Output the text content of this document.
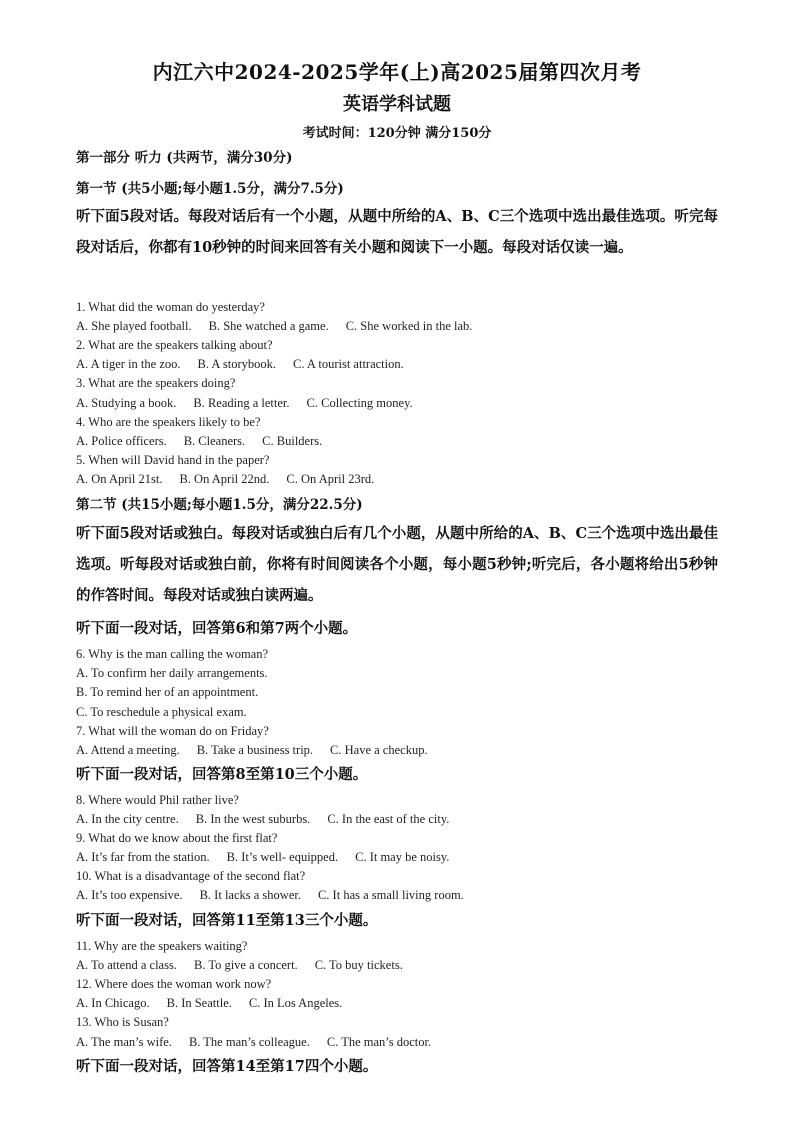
内江六中2024-2025学年(上)高2025届第四次月考
英语学科试题
考试时间：120分钟 满分150分
第一部分 听力 (共两节，满分30分)
第一节 (共5小题;每小题1.5分，满分7.5分)
听下面5段对话。每段对话后有一个小题，从题中所给的A、B、C三个选项中选出最佳选项。听完每段对话后，你都有10秒钟的时间来回答有关小题和阅读下一小题。每段对话仅读一遍。
1. What did the woman do yesterday?
A. She played football. B. She watched a game. C. She worked in the lab.
2. What are the speakers talking about?
A. A tiger in the zoo. B. A storybook. C. A tourist attraction.
3. What are the speakers doing?
A. Studying a book. B. Reading a letter. C. Collecting money.
4. Who are the speakers likely to be?
A. Police officers. B. Cleaners. C. Builders.
5. When will David hand in the paper?
A. On April 21st. B. On April 22nd. C. On April 23rd.
第二节 (共15小题;每小题1.5分，满分22.5分)
听下面5段对话或独白。每段对话或独白后有几个小题，从题中所给的A、B、C三个选项中选出最佳选项。听每段对话或独白前，你将有时间阅读各个小题，每小题5秒钟;听完后，各小题将给出5秒钟的作答时间。每段对话或独白读两遍。
听下面一段对话，回答第6和第7两个小题。
6. Why is the man calling the woman?
A. To confirm her daily arrangements.
B. To remind her of an appointment.
C. To reschedule a physical exam.
7. What will the woman do on Friday?
A. Attend a meeting. B. Take a business trip. C. Have a checkup.
听下面一段对话，回答第8至第10三个小题。
8. Where would Phil rather live?
A. In the city centre. B. In the west suburbs. C. In the east of the city.
9. What do we know about the first flat?
A. It’s far from the station. B. It’s well- equipped. C. It may be noisy.
10. What is a disadvantage of the second flat?
A. It’s too expensive. B. It lacks a shower. C. It has a small living room.
听下面一段对话，回答第11至第13三个小题。
11. Why are the speakers waiting?
A. To attend a class. B. To give a concert. C. To buy tickets.
12. Where does the woman work now?
A. In Chicago. B. In Seattle. C. In Los Angeles.
13. Who is Susan?
A. The man’s wife. B. The man’s colleague. C. The man’s doctor.
听下面一段对话，回答第14至第17四个小题。
